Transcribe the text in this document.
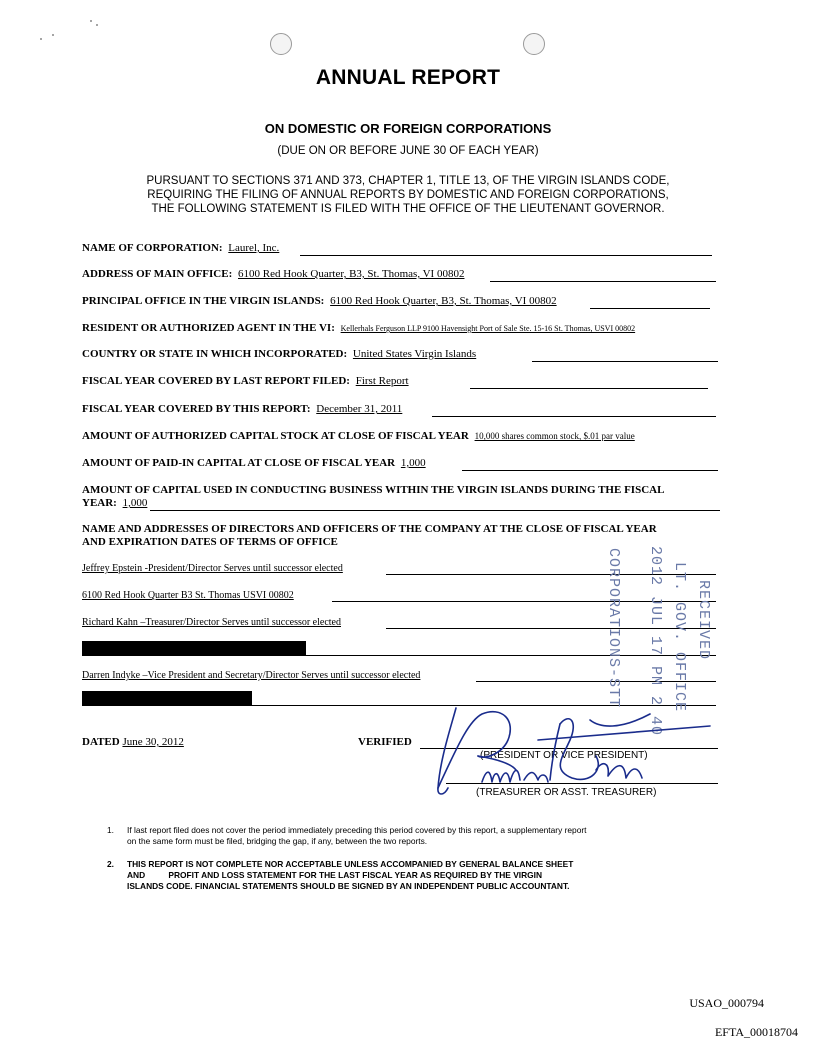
ANNUAL REPORT
ON DOMESTIC OR FOREIGN CORPORATIONS
(DUE ON OR BEFORE JUNE 30 OF EACH YEAR)
PURSUANT TO SECTIONS 371 AND 373, CHAPTER 1, TITLE 13, OF THE VIRGIN ISLANDS CODE,
REQUIRING THE FILING OF ANNUAL REPORTS BY DOMESTIC AND FOREIGN CORPORATIONS,
THE FOLLOWING STATEMENT IS FILED WITH THE OFFICE OF THE LIEUTENANT GOVERNOR.
NAME OF CORPORATION: Laurel, Inc.
ADDRESS OF MAIN OFFICE: 6100 Red Hook Quarter, B3, St. Thomas, VI 00802
PRINCIPAL OFFICE IN THE VIRGIN ISLANDS: 6100 Red Hook Quarter, B3, St. Thomas, VI 00802
RESIDENT OR AUTHORIZED AGENT IN THE VI: Kellerhals Ferguson LLP 9100 Havensight Port of Sale Ste. 15-16 St. Thomas, USVI 00802
COUNTRY OR STATE IN WHICH INCORPORATED: United States Virgin Islands
FISCAL YEAR COVERED BY LAST REPORT FILED: First Report
FISCAL YEAR COVERED BY THIS REPORT: December 31, 2011
AMOUNT OF AUTHORIZED CAPITAL STOCK AT CLOSE OF FISCAL YEAR 10,000 shares common stock, $.01 par value
AMOUNT OF PAID-IN CAPITAL AT CLOSE OF FISCAL YEAR 1,000
AMOUNT OF CAPITAL USED IN CONDUCTING BUSINESS WITHIN THE VIRGIN ISLANDS DURING THE FISCAL
YEAR: 1,000
NAME AND ADDRESSES OF DIRECTORS AND OFFICERS OF THE COMPANY AT THE CLOSE OF FISCAL YEAR
AND EXPIRATION DATES OF TERMS OF OFFICE
Jeffrey Epstein -President/Director Serves until successor elected
6100 Red Hook Quarter B3 St. Thomas USVI 00802
Richard Kahn –Treasurer/Director Serves until successor elected
Darren Indyke –Vice President and Secretary/Director Serves until successor elected	2012 JUL 17 PM 2 40
CORPORATIONS-STT	LT. GOV. OFFICE RECEIVED
DATED June 30, 2012	VERIFIED
(PRESIDENT OR VICE PRESIDENT)
(TREASURER OR ASST. TREASURER)
1. If last report filed does not cover the period immediately preceding this period covered by this report, a supplementary report
on the same form must be filed, bridging the gap, if any, between the two reports.
2. THIS REPORT IS NOT COMPLETE NOR ACCEPTABLE UNLESS ACCOMPANIED BY GENERAL BALANCE SHEET
AND          PROFIT AND LOSS STATEMENT FOR THE LAST FISCAL YEAR AS REQUIRED BY THE VIRGIN
ISLANDS CODE. FINANCIAL STATEMENTS SHOULD BE SIGNED BY AN INDEPENDENT PUBLIC ACCOUNTANT.
USAO_000794
EFTA_00018704
